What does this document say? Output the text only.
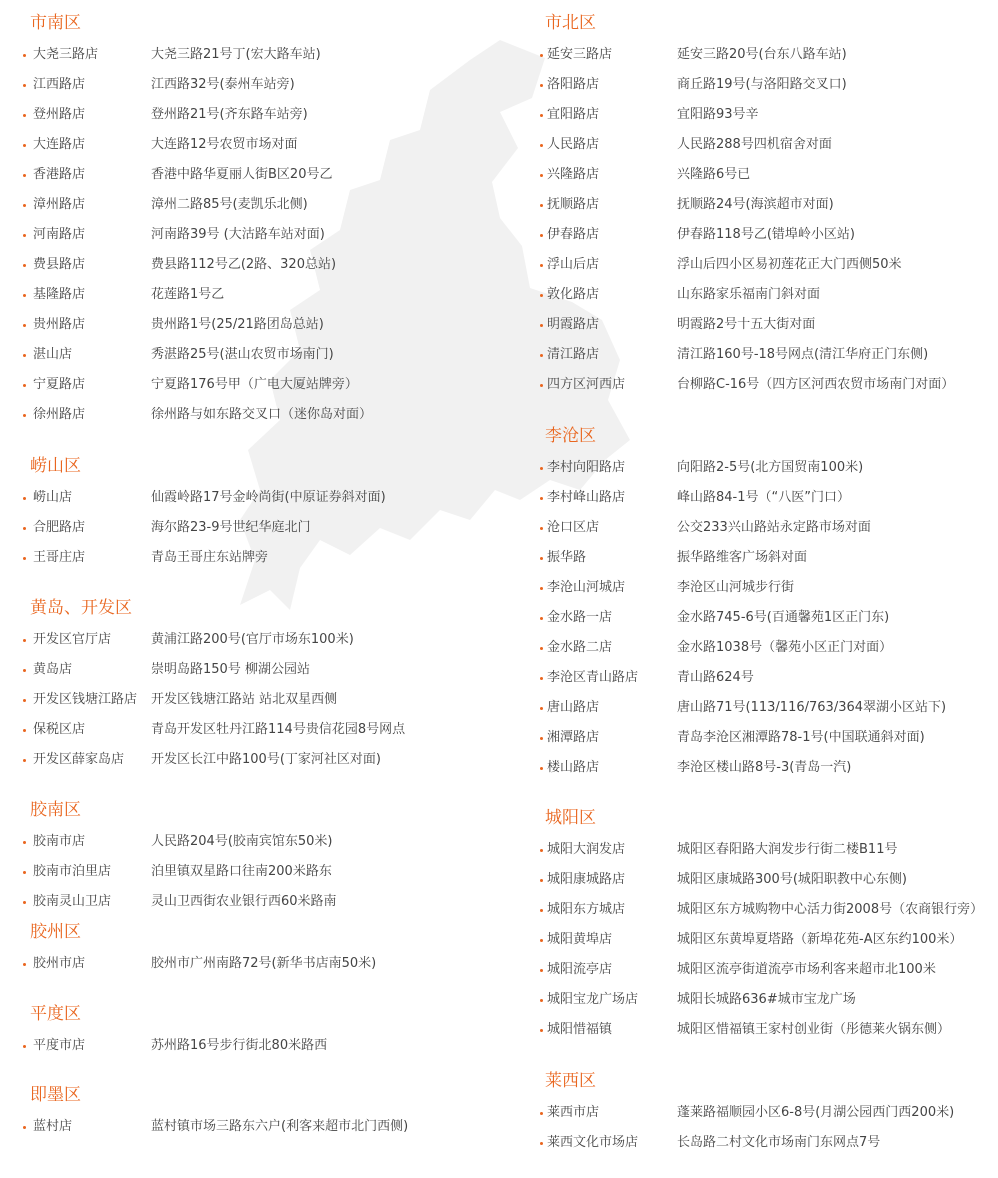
市南区
大尧三路店	大尧三路21号丁(宏大路车站)
江西路店	江西路32号(泰州车站旁)
登州路店	登州路21号(齐东路车站旁)
大连路店	大连路12号农贸市场对面
香港路店	香港中路华夏丽人街B区20号乙
漳州路店	漳州二路85号(麦凯乐北侧)
河南路店	河南路39号 (大沽路车站对面)
费县路店	费县路112号乙(2路、320总站)
基隆路店	花莲路1号乙
贵州路店	贵州路1号(25/21路团岛总站)
湛山店	秀湛路25号(湛山农贸市场南门)
宁夏路店	宁夏路176号甲（广电大厦站牌旁）
徐州路店	徐州路与如东路交叉口（迷你岛对面）
崂山区
崂山店	仙霞岭路17号金岭尚街(中原证券斜对面)
合肥路店	海尔路23-9号世纪华庭北门
王哥庄店	青岛王哥庄东站牌旁
黄岛、开发区
开发区官厅店	黄浦江路200号(官厅市场东100米)
黄岛店	崇明岛路150号 柳湖公园站
开发区钱塘江路店 开发区钱塘江路站 站北双星西侧
保税区店	青岛开发区牡丹江路114号贵信花园8号网点
开发区薛家岛店 开发区长江中路100号(丁家河社区对面)
胶南区
胶南市店	人民路204号(胶南宾馆东50米)
胶南市泊里店	泊里镇双星路口往南200米路东
胶南灵山卫店	灵山卫西街农业银行西60米路南
胶州区
胶州市店	胶州市广州南路72号(新华书店南50米)
平度区
平度市店	苏州路16号步行街北80米路西
即墨区
蓝村店	蓝村镇市场三路东六户(利客来超市北门西侧)
市北区
延安三路店	延安三路20号(台东八路车站)
洛阳路店	商丘路19号(与洛阳路交叉口)
宜阳路店	宜阳路93号辛
人民路店	人民路288号四机宿舍对面
兴隆路店	兴隆路6号已
抚顺路店	抚顺路24号(海滨超市对面)
伊春路店	伊春路118号乙(错埠岭小区站)
浮山后店	浮山后四小区易初莲花正大门西侧50米
敦化路店	山东路家乐福南门斜对面
明霞路店	明霞路2号十五大街对面
清江路店	清江路160号-18号网点(清江华府正门东侧)
四方区河西店	台柳路C-16号（四方区河西农贸市场南门对面）
李沧区
李村向阳路店	向阳路2-5号(北方国贸南100米)
李村峰山路店	峰山路84-1号（“八医”门口）
沧口区店	公交233兴山路站永定路市场对面
振华路	振华路维客广场斜对面
李沧山河城店	李沧区山河城步行街
金水路一店	金水路745-6号(百通馨苑1区正门东)
金水路二店	金水路1038号（馨苑小区正门对面）
李沧区青山路店	青山路624号
唐山路店	唐山路71号(113/116/763/364翠湖小区站下)
湘潭路店	青岛李沧区湘潭路78-1号(中国联通斜对面)
楼山路店	李沧区楼山路8号-3(青岛一汽)
城阳区
城阳大润发店	城阳区春阳路大润发步行街二楼B11号
城阳康城路店	城阳区康城路300号(城阳职教中心东侧)
城阳东方城店	城阳区东方城购物中心活力街2008号（农商银行旁）
城阳黄埠店	城阳区东黄埠夏塔路（新埠花苑-A区东约100米）
城阳流亭店	城阳区流亭街道流亭市场利客来超市北100米
城阳宝龙广场店	城阳长城路636#城市宝龙广场
城阳惜福镇	城阳区惜福镇王家村创业街（彤德莱火锅东侧）
莱西区
莱西市店	蓬莱路福顺园小区6-8号(月湖公园西门西200米)
莱西文化市场店	长岛路二村文化市场南门东网点7号
